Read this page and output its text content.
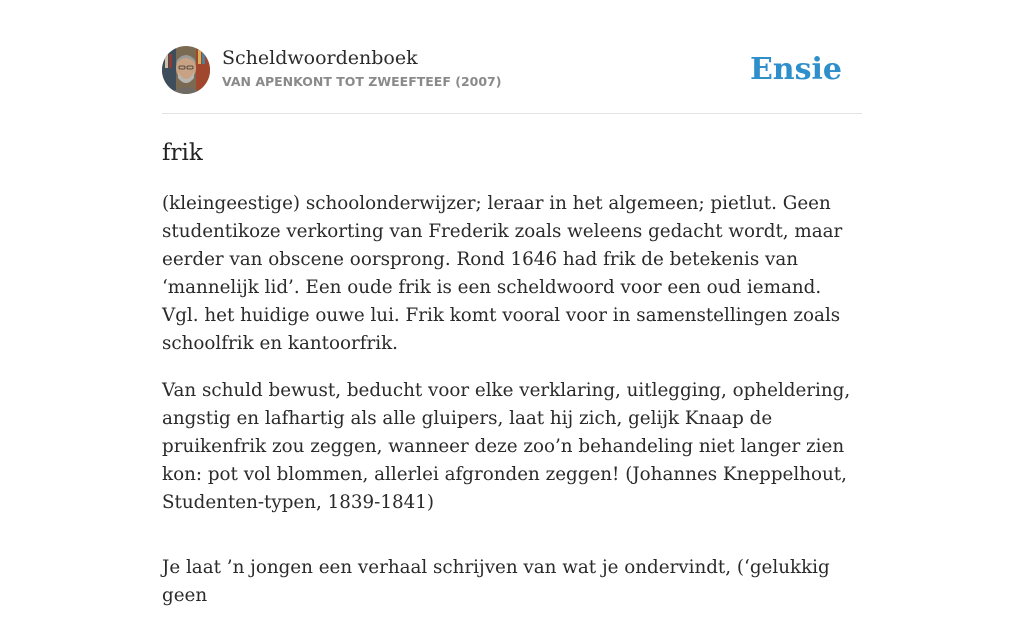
Scheldwoordenboek
VAN APENKONT TOT ZWEEFTEEF (2007)	Ensie
frik

(kleingeestige) schoolonderwijzer; leraar in het algemeen; pietlut. Geen studentikoze verkorting van Frederik zoals weleens gedacht wordt, maar eerder van obscene oorsprong. Rond 1646 had frik de betekenis van ‘mannelijk lid’. Een oude frik is een scheldwoord voor een oud iemand. Vgl. het huidige ouwe lui. Frik komt vooral voor in samenstellingen zoals schoolfrik en kantoorfrik.

Van schuld bewust, beducht voor elke verklaring, uitlegging, opheldering, angstig en lafhartig als alle gluipers, laat hij zich, gelijk Knaap de pruikenfrik zou zeggen, wanneer deze zoo’n behandeling niet langer zien kon: pot vol blommen, allerlei afgronden zeggen! (Johannes Kneppelhout, Studenten-typen, 1839-1841)

Je laat ’n jongen een verhaal schrijven van wat je ondervindt, (‘gelukkig geen
